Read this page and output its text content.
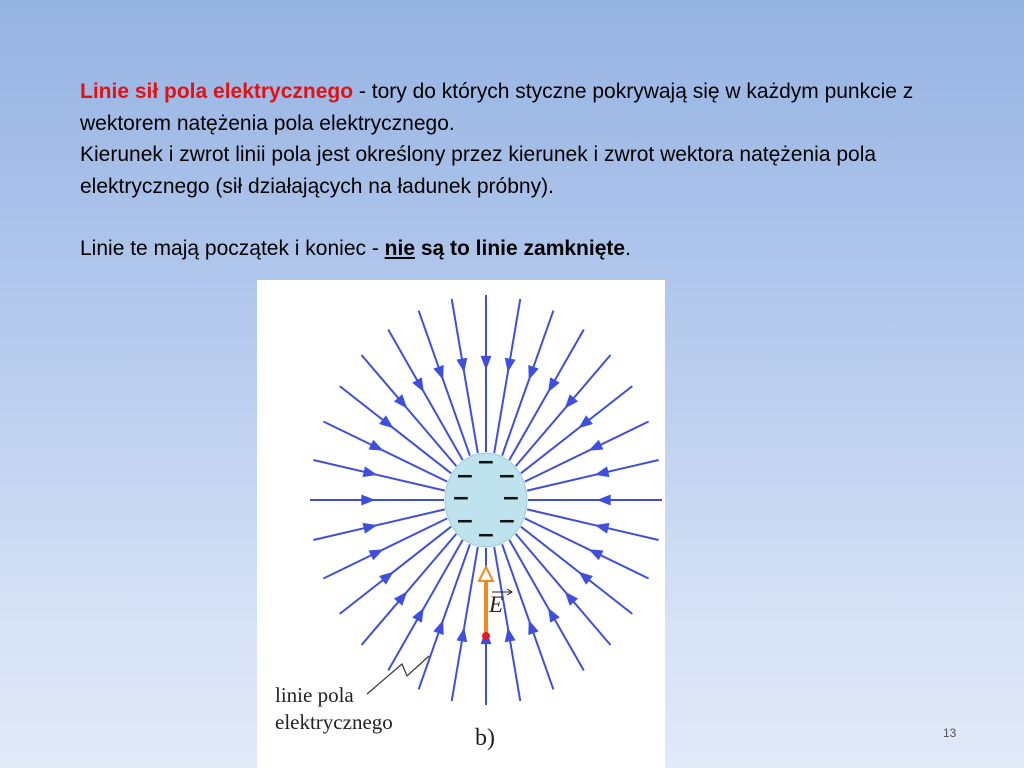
Linie sił pola elektrycznego - tory do których styczne pokrywają się w każdym punkcie z wektorem natężenia pola elektrycznego.

Kierunek i zwrot linii pola jest określony przez kierunek i zwrot wektora natężenia pola elektrycznego (sił działających na ładunek próbny).

Linie te mają początek i koniec - nie są to linie zamknięte.

−
− −
− −
− −
−
E
linie pola
elektrycznego
b)	13
